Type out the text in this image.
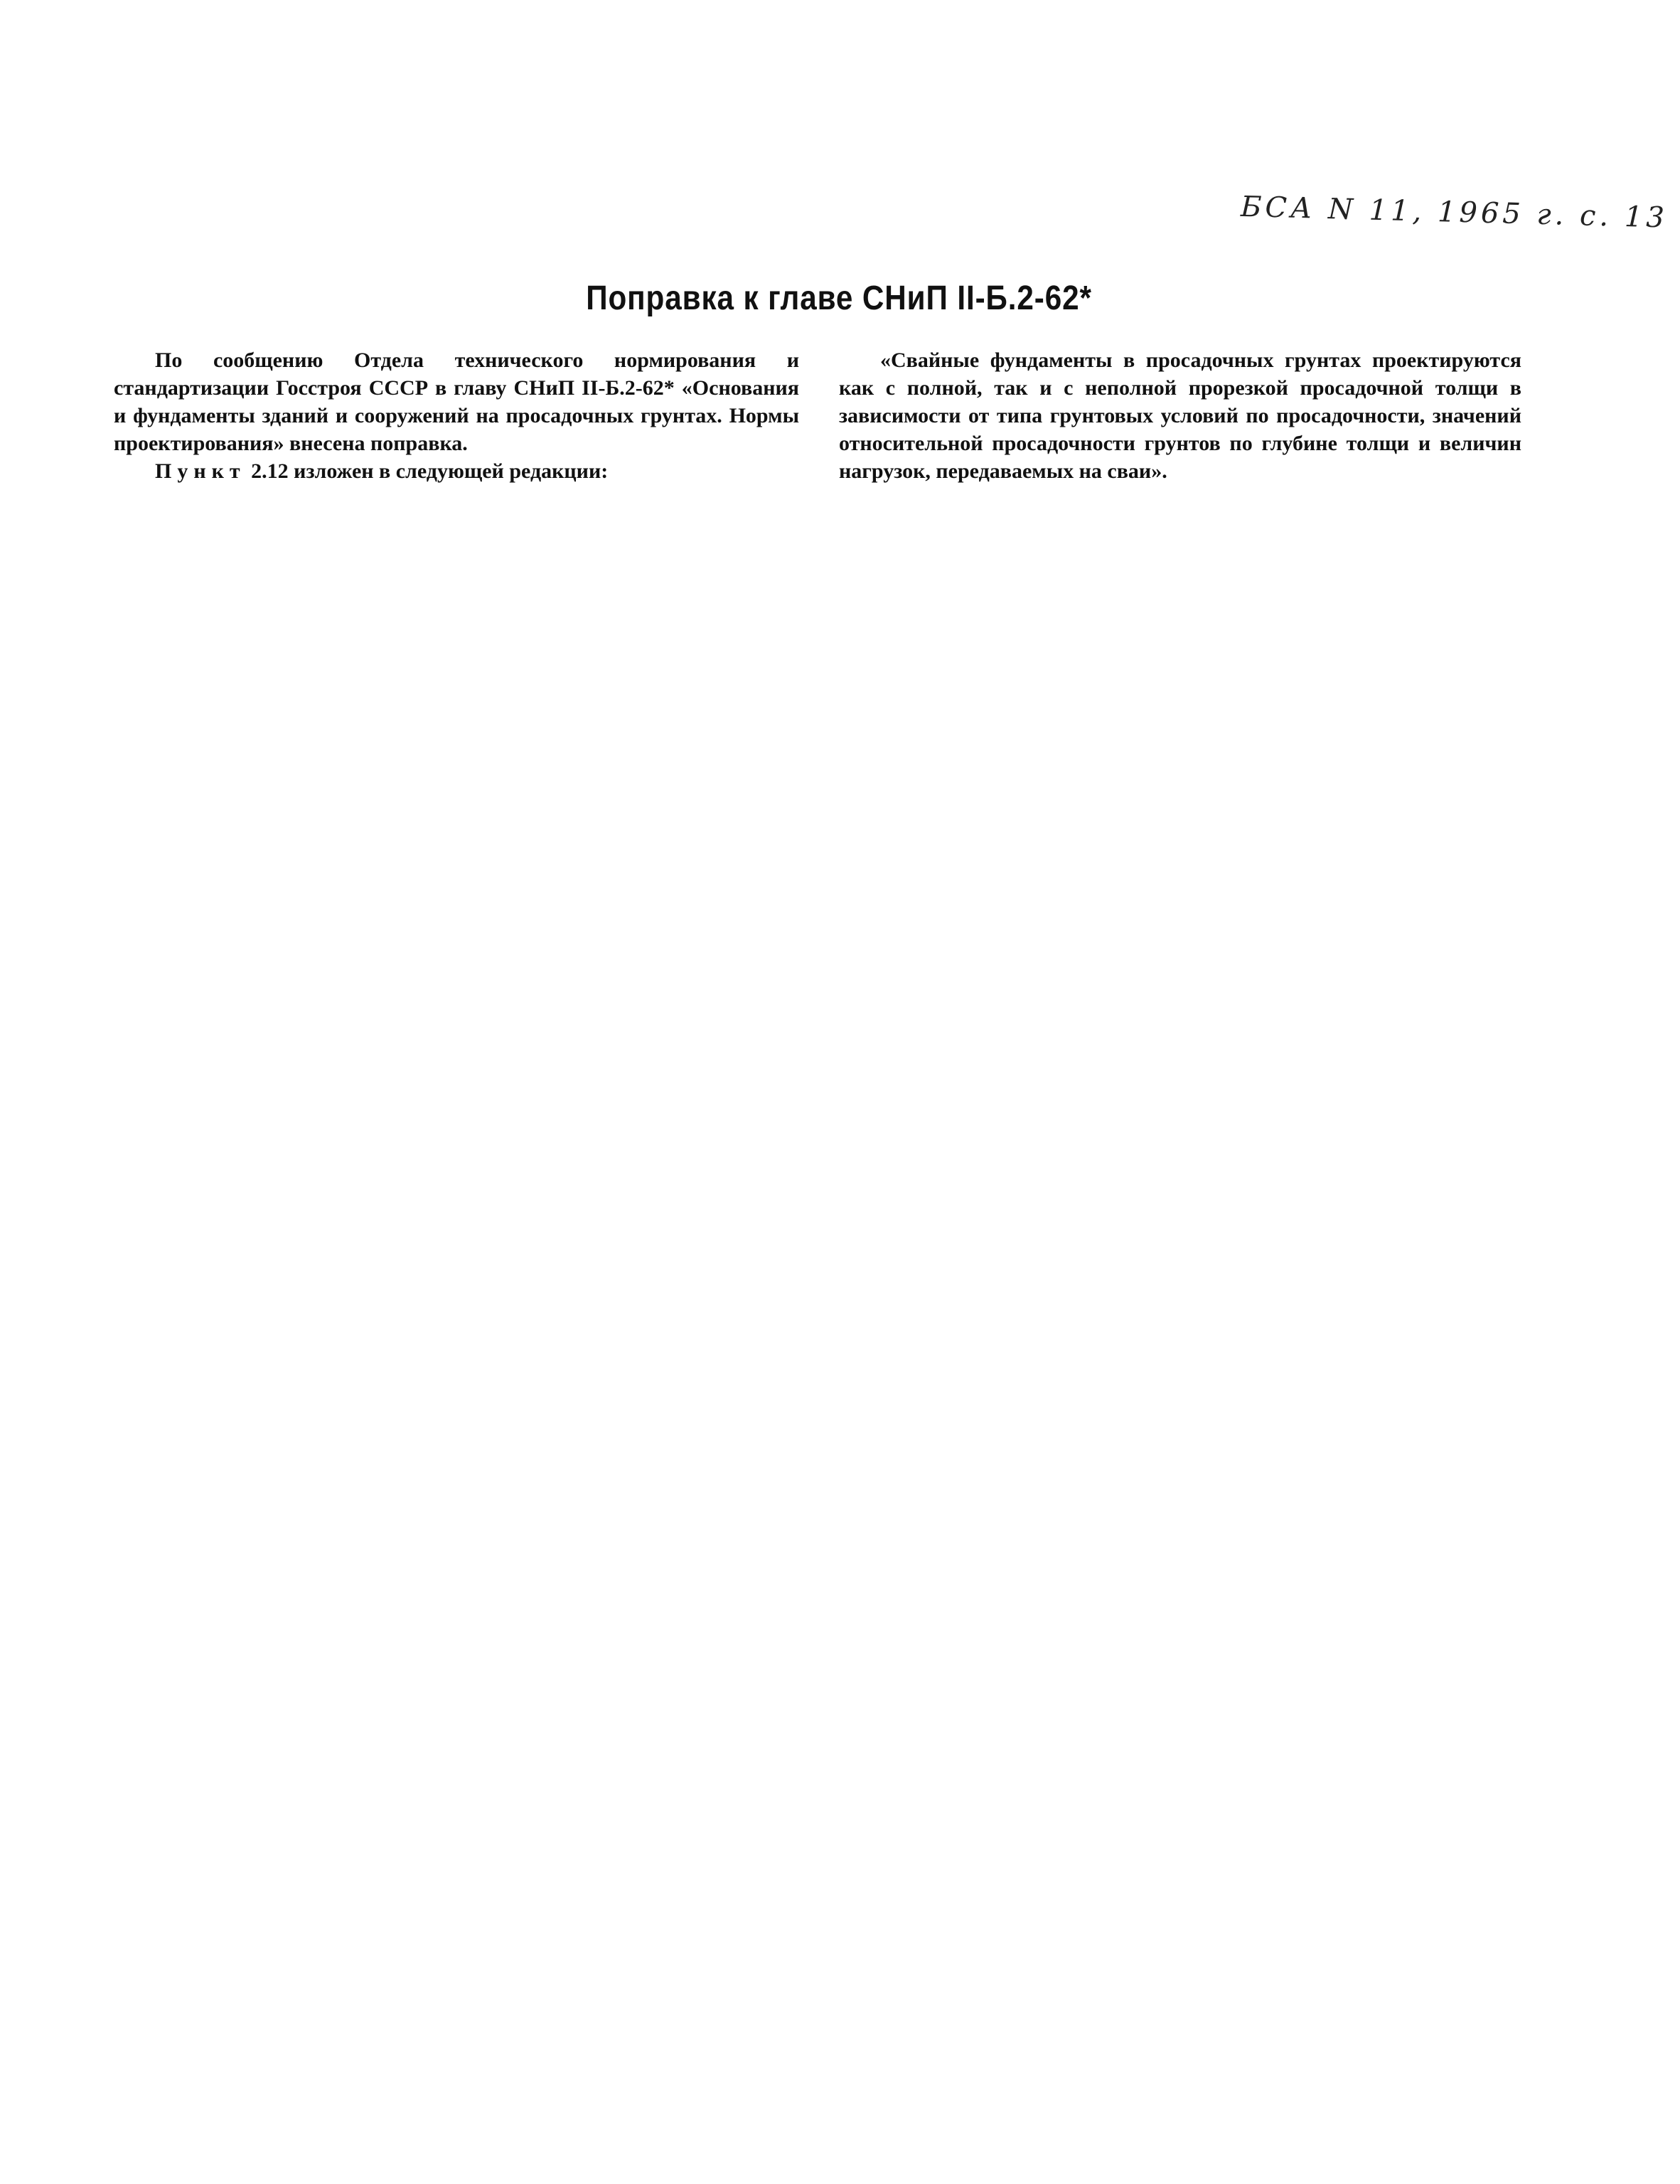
БСА N 11, 1965 г. с. 13
Поправка к главе СНиП II-Б.2-62*

По сообщению Отдела технического нормирования и стандартизации Госстроя СССР в главу СНиП II-Б.2-62* «Основания и фундаменты зданий и сооружений на просадочных грунтах. Нормы проектирования» внесена поправка.

Пункт 2.12 изложен в следующей редакции:

«Свайные фундаменты в просадочных грунтах проектируются как с полной, так и с неполной прорезкой просадочной толщи в зависимости от типа грунтовых условий по просадочности, значений относительной просадочности грунтов по глубине толщи и величин нагрузок, передаваемых на сваи».
